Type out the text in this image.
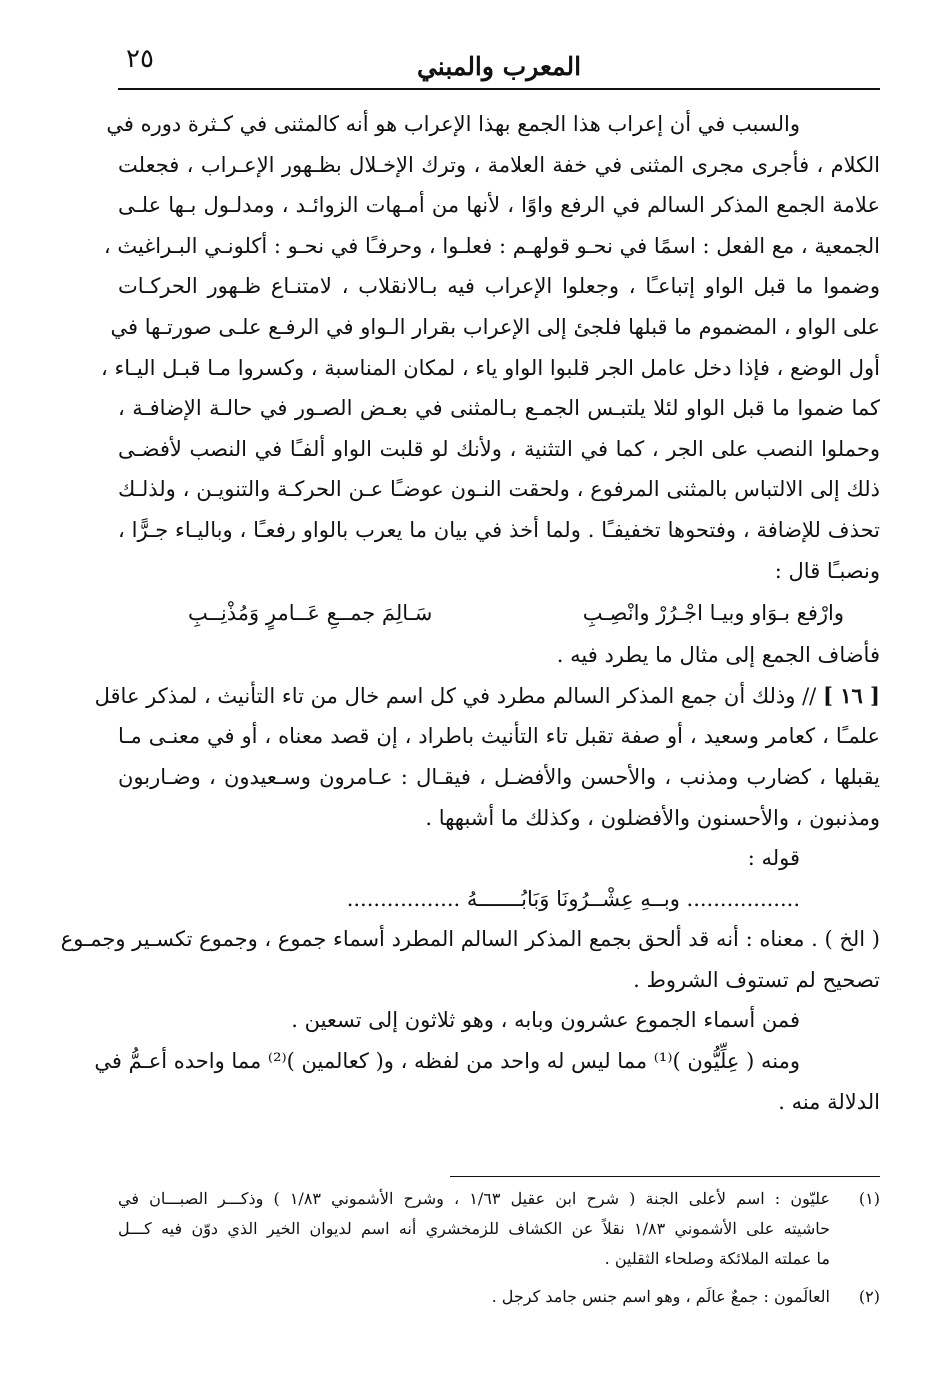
٢٥	المعرب والمبني
والسبب في أن إعراب هذا الجمع بهذا الإعراب هو أنه كالمثنى في كـثرة دوره في
الكلام ، فأجرى مجرى المثنى في خفة العلامة ، وترك الإخـلال بظـهور الإعـراب ، فجعلت
علامة الجمع المذكر السالم في الرفع واوًا ، لأنها من أمـهات الزوائـد ، ومدلـول بـها علـى
الجمعية ، مع الفعل : اسمًا في نحـو قولهـم : فعلـوا ، وحرفـًا في نحـو : أكلونـي البـراغيث ،
وضموا ما قبل الواو إتباعـًا ، وجعلوا الإعراب فيه بـالانقلاب ، لامتنـاع ظـهور الحركـات
على الواو ، المضموم ما قبلها فلجئ إلى الإعراب بقرار الـواو في الرفـع علـى صورتـها في
أول الوضع ، فإذا دخل عامل الجر قلبوا الواو ياء ، لمكان المناسبة ، وكسروا مـا قبـل اليـاء ،
كما ضموا ما قبل الواو لئلا يلتبـس الجمـع بـالمثنى في بعـض الصـور في حالـة الإضافـة ،
وحملوا النصب على الجر ، كما في التثنية ، ولأنك لو قلبت الواو ألفـًا في النصب لأفضـى
ذلك إلى الالتباس بالمثنى المرفوع ، ولحقت النـون عوضـًا عـن الحركـة والتنويـن ، ولذلـك
تحذف للإضافة ، وفتحوها تخفيفـًا . ولما أخذ في بيان ما يعرب بالواو رفعـًا ، وباليـاء جـرًّا ،
ونصبـًا قال :
وارْفع بـوَاو وبيـا اجْـرُرْ وانْصِـبِ
سَـالِمَ جمــعِ عَــامرٍ وَمُذْنِــبِ
فأضاف الجمع إلى مثال ما يطرد فيه .
[ ١٦ ] // وذلك أن جمع المذكر السالم مطرد في كل اسم خال من تاء التأنيث ، لمذكر عاقل
علمـًا ، كعامر وسعيد ، أو صفة تقبل تاء التأنيث باطراد ، إن قصد معناه ، أو في معنـى مـا
يقبلها ، كضارب ومذنب ، والأحسن والأفضـل ، فيقـال : عـامرون وسـعيدون ، وضـاربون
ومذنبون ، والأحسنون والأفضلون ، وكذلك ما أشبهها .
قوله :
................. وبــهِ عِشْــرُونَا وَبَابُـــــــهُ .................
( الخ ) . معناه : أنه قد ألحق بجمع المذكر السالم المطرد أسماء جموع ، وجموع تكسـير وجمـوع
تصحيح لم تستوف الشروط .
فمن أسماء الجموع عشرون وبابه ، وهو ثلاثون إلى تسعين .
ومنه ( عِلِّيُّون )⁽¹⁾ مما ليس له واحد من لفظه ، و( كعالمين )⁽²⁾ مما واحده أعـمُّ في
الدلالة منه .
(١)
عليّون : اسم لأعلى الجنة ( شرح ابن عقيل ١/٦٣ ، وشرح الأشموني ١/٨٣ ) وذكـــر الصبـــان في
حاشيته على الأشموني ١/٨٣ نقلاً عن الكشاف للزمخشري أنه اسم لديوان الخير الذي دوّن فيه كـــل
ما عملته الملائكة وصلحاء الثقلين .
(٢)
العالَمون : جمعٌ عالَم ، وهو اسم جنس جامد كرجل .
